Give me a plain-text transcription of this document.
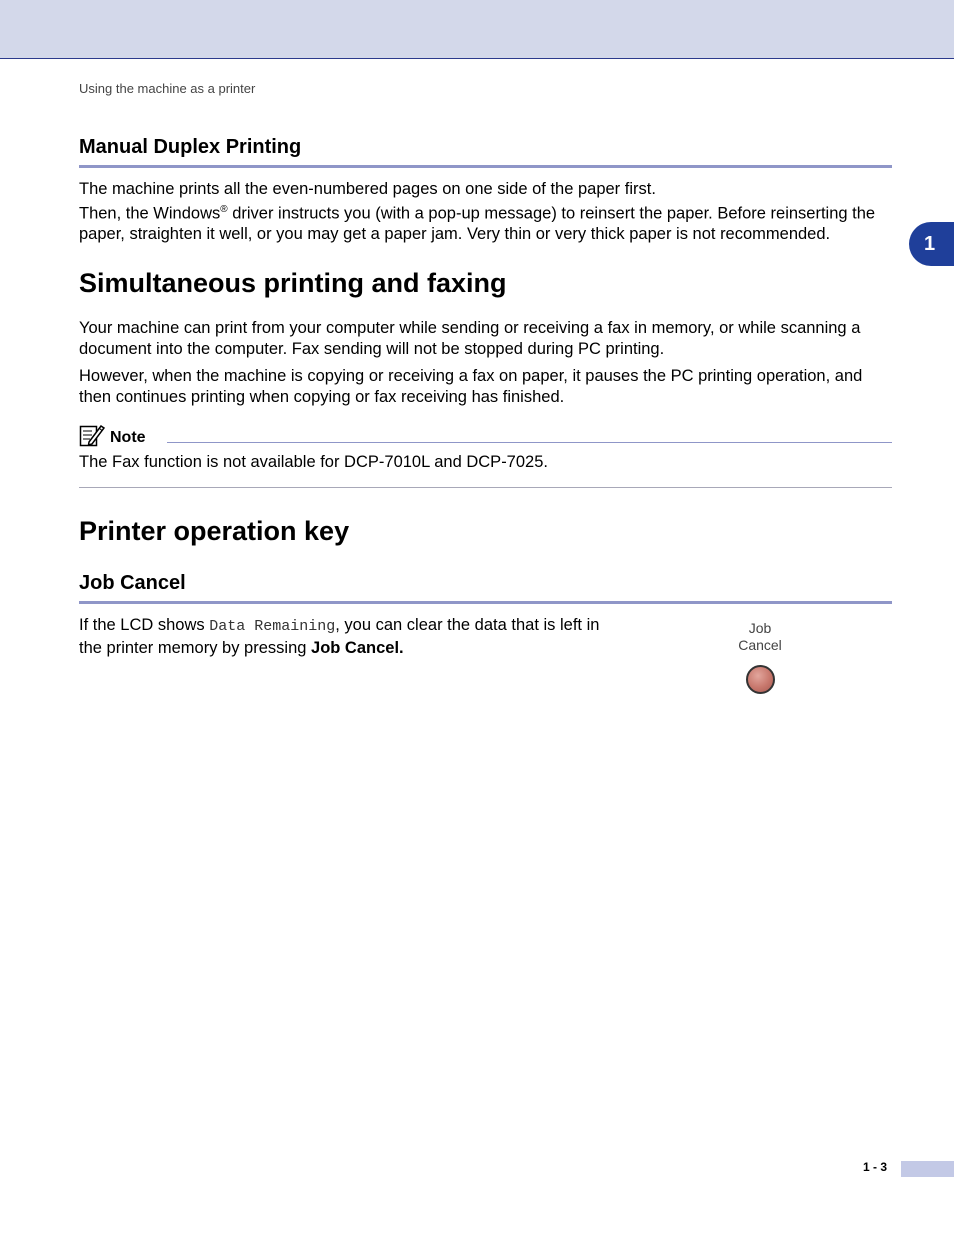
Using the machine as a printer
1
Manual Duplex Printing

The machine prints all the even-numbered pages on one side of the paper first.
Then, the Windows® driver instructs you (with a pop-up message) to reinsert the paper. Before reinserting the paper, straighten it well, or you may get a paper jam. Very thin or very thick paper is not recommended.

Simultaneous printing and faxing

Your machine can print from your computer while sending or receiving a fax in memory, or while scanning a document into the computer. Fax sending will not be stopped during PC printing.

However, when the machine is copying or receiving a fax on paper, it pauses the PC printing operation, and then continues printing when copying or fax receiving has finished.

Note

The Fax function is not available for DCP-7010L and DCP-7025.

Printer operation key
Job Cancel

If the LCD shows Data Remaining, you can clear the data that is left in the printer memory by pressing Job Cancel.

Job
Cancel
1 - 3
